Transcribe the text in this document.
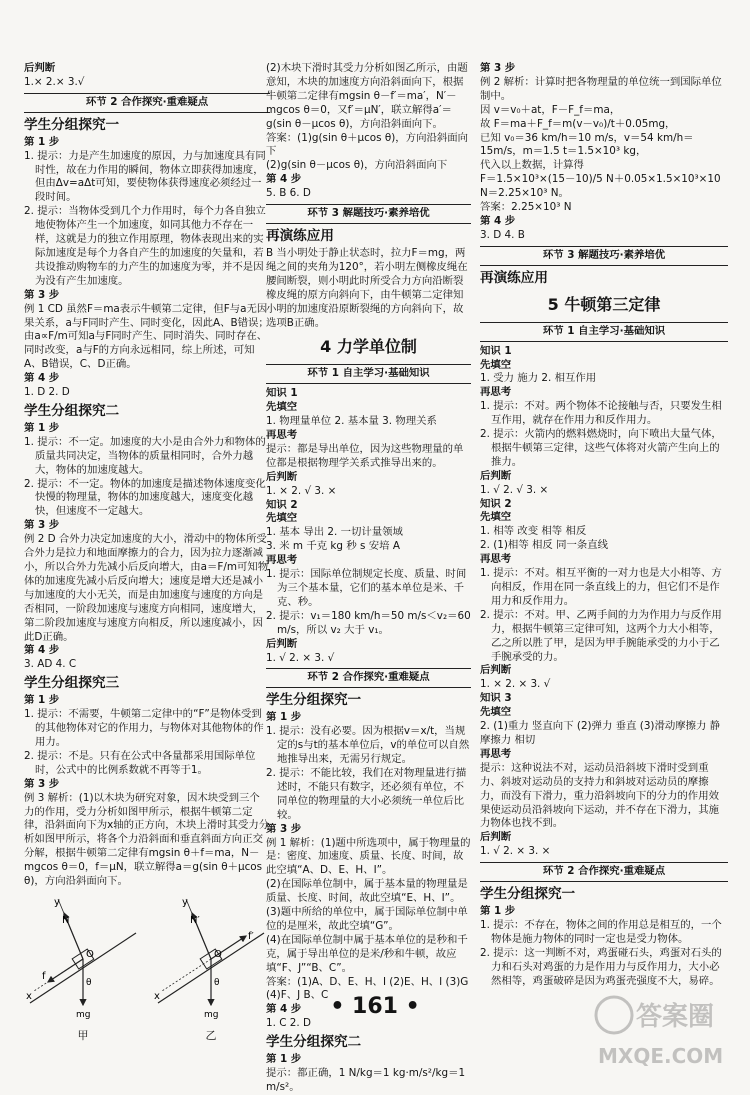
后判断

1.× 2.× 3.√

环节 2 合作探究·重难疑点

学生分组探究一

第 1 步

1. 提示：力是产生加速度的原因，力与加速度具有同时性，故在力作用的瞬间，物体立即获得加速度，但由Δv=aΔt可知，要使物体获得速度必须经过一段时间。

2. 提示：当物体受到几个力作用时，每个力各自独立地使物体产生一个加速度，如同其他力不存在一样，这就是力的独立作用原理，物体表现出来的实际加速度是每个力各自产生的加速度的矢量和，若共设推动购物车的力产生的加速度为零，并不是因为没有产生加速度。

第 3 步

例 1 CD 虽然F＝ma表示牛顿第二定律，但F与a无因果关系，a与F同时产生、同时变化，因此A、B错误；由a∝F/m可知a与F同时产生、同时消失、同时存在、同时改变，a与F的方向永远相同，综上所述，可知A、B错误，C、D正确。

第 4 步

1. D 2. D

学生分组探究二

第 1 步

1. 提示：不一定。加速度的大小是由合外力和物体的质量共同决定，当物体的质量相同时，合外力越大，物体的加速度越大。

2. 提示：不一定。物体的加速度是描述物体速度变化快慢的物理量，物体的加速度越大，速度变化越快，但速度不一定越大。

第 3 步

例 2 D 合外力决定加速度的大小，滑动中的物体所受合外力是拉力和地面摩擦力的合力，因为拉力逐渐减小，所以合外力先减小后反向增大，由a＝F/m可知物体的加速度先减小后反向增大；速度是增大还是减小与加速度的大小无关，而是由加速度与速度的方向是否相同，一阶段加速度与速度方向相同，速度增大，第二阶段加速度与速度方向相反，所以速度减小，因此D正确。

第 4 步

3. AD 4. C

学生分组探究三

第 1 步

1. 提示：不需要，牛顿第二定律中的“F”是物体受到的其他物体对它的作用力，与物体对其他物体的作用力。

2. 提示：不是。只有在公式中各量都采用国际单位时，公式中的比例系数就不再等于1。

第 3 步

例 3 解析：(1)以木块为研究对象，因木块受到三个力的作用，受力分析如图甲所示，根据牛顿第二定律，沿斜面向下为x轴的正方向，木块上滑时其受力分析如图甲所示，将各个力沿斜面和垂直斜面方向正交分解，根据牛顿第二定律有mgsin θ＋f＝ma，N－mgcos θ＝0，f＝μN，联立解得a＝g(sin θ＋μcos θ)，方向沿斜面向下。

y
x
N
O
θ
f
mg
甲
y
x
N′
O
θ
f′
mg
乙

(2)木块下滑时其受力分析如图乙所示，由题意知，木块的加速度方向沿斜面向下，根据牛顿第二定律有mgsin θ－f′＝ma′，N′－mgcos θ＝0，又f′＝μN′，联立解得a′＝g(sin θ－μcos θ)，方向沿斜面向下。

答案：(1)g(sin θ＋μcos θ)，方向沿斜面向下

(2)g(sin θ－μcos θ)，方向沿斜面向下

第 4 步

5. B 6. D

环节 3 解题技巧·素养培优

再演练应用

B 当小明处于静止状态时，拉力F＝mg，两绳之间的夹角为120°，若小明左侧橡皮绳在腰间断裂，则小明此时所受合力方向沿断裂橡皮绳的原方向斜向下，由牛顿第二定律知小明的加速度沿原断裂绳的方向斜向下，故选项B正确。

4 力学单位制

环节 1 自主学习·基础知识

知识 1

先填空

1. 物理量单位 2. 基本量 3. 物理关系

再思考

提示：都是导出单位，因为这些物理量的单位都是根据物理学关系式推导出来的。

后判断

1. × 2. √ 3. ×

知识 2

先填空

1. 基本 导出 2. 一切计量领域

3. 米 m 千克 kg 秒 s 安培 A

再思考

1. 提示：国际单位制规定长度、质量、时间为三个基本量，它们的基本单位是米、千克、秒。

2. 提示：v₁＝180 km/h＝50 m/s＜v₂＝60 m/s，所以 v₂ 大于 v₁。

后判断

1. √ 2. × 3. √

环节 2 合作探究·重难疑点

学生分组探究一

第 1 步

1. 提示：没有必要。因为根据v＝x/t，当规定的s与t的基本单位后，v的单位可以自然地推导出来，无需另行规定。

2. 提示：不能比较，我们在对物理量进行描述时，不能只有数字，还必须有单位，不同单位的物理量的大小必须统一单位后比较。

第 3 步

例 1 解析：(1)题中所选项中，属于物理量的是：密度、加速度、质量、长度、时间，故此空填“A、D、E、H、I”。

(2)在国际单位制中，属于基本量的物理量是质量、长度、时间，故此空填“E、H、I”。

(3)题中所给的单位中，属于国际单位制中单位的是厘米，故此空填“G”。

(4)在国际单位制中属于基本单位的是秒和千克，属于导出单位的是米/秒和牛顿，故应填“F、J”“B、C”。

答案：(1)A、D、E、H、I (2)E、H、I (3)G (4)F、J B、C

第 4 步

1. C 2. D

学生分组探究二

第 1 步

提示：都正确，1 N/kg＝1 kg·m/s²/kg＝1 m/s²。

第 3 步

例 2 解析：计算时把各物理量的单位统一到国际单位制中。

因 v＝v₀＋at，F－F_f＝ma，

故 F＝ma＋F_f＝m(v－v₀)/t＋0.05mg，

已知 v₀＝36 km/h＝10 m/s，v＝54 km/h＝15m/s，m＝1.5 t＝1.5×10³ kg，

代入以上数据，计算得

F＝1.5×10³×(15－10)/5 N＋0.05×1.5×10³×10 N＝2.25×10³ N。

答案：2.25×10³ N

第 4 步

3. D 4. B

环节 3 解题技巧·素养培优

再演练应用

5 牛顿第三定律

环节 1 自主学习·基础知识

知识 1

先填空

1. 受力 施力 2. 相互作用

再思考

1. 提示：不对。两个物体不论接触与否，只要发生相互作用，就存在作用力和反作用力。

2. 提示：火箭内的燃料燃烧时，向下喷出大量气体，根据牛顿第三定律，这些气体将对火箭产生向上的推力。

后判断

1. √ 2. √ 3. ×

知识 2

先填空

1. 相等 改变 相等 相反

2. (1)相等 相反 同一条直线

再思考

1. 提示：不对。相互平衡的一对力也是大小相等、方向相反，作用在同一条直线上的力，但它们不是作用力和反作用力。

2. 提示：不对。甲、乙两手间的力为作用力与反作用力，根据牛顿第三定律可知，这两个力大小相等，乙之所以胜了甲，是因为甲手腕能承受的力小于乙手腕承受的力。

后判断

1. × 2. × 3. √

知识 3

先填空

2. (1)重力 竖直向下 (2)弹力 垂直 (3)滑动摩擦力 静摩擦力 相切

再思考

提示：这种说法不对，运动员沿斜坡下滑时受到重力、斜坡对运动员的支持力和斜坡对运动员的摩擦力，而没有下滑力，重力沿斜坡向下的分力的作用效果使运动员沿斜坡向下运动，并不存在下滑力，其施力物体也找不到。

后判断

1. √ 2. × 3. ×

环节 2 合作探究·重难疑点

学生分组探究一

第 1 步

1. 提示：不存在，物体之间的作用总是相互的，一个物体是施力物体的同时一定也是受力物体。

2. 提示：这一判断不对，鸡蛋碰石头，鸡蛋对石头的力和石头对鸡蛋的力是作用力与反作用力，大小必然相等，鸡蛋破碎是因为鸡蛋壳强度不大，易碎。

• 161 •	答案圈
MXQE.COM
